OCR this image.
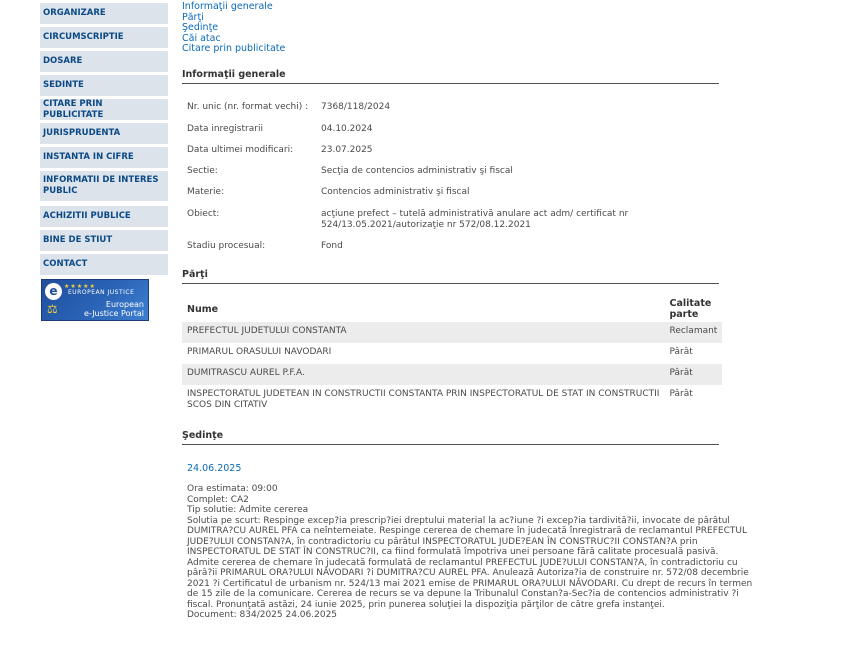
ORGANIZARE
CIRCUMSCRIPTIE
DOSARE
SEDINTE
CITARE PRIN PUBLICITATE
JURISPRUDENTA
INSTANTA IN CIFRE
INFORMATII DE INTERES
PUBLIC
ACHIZITII PUBLICE
BINE DE STIUT
CONTACT
e	★★★★★
EUROPEAN JUSTICE
⚖	European
e-Justice Portal
Informaţii generale
Părţi
Şedinţe
Căi atac
Citare prin publicitate
Informaţii generale
Nr. unic (nr. format vechi) : 7368/118/2024
Data inregistrarii	04.10.2024
Data ultimei modificari:	23.07.2025
Sectie:	Secţia de contencios administrativ şi fiscal
Materie:	Contencios administrativ şi fiscal
Obiect:	acţiune prefect – tutelă administrativă anulare act adm/ certificat nr
524/13.05.2021/autorizaţie nr 572/08.12.2021
Stadiu procesual:	Fond
Părţi
Nume	Calitate parte
PREFECTUL JUDETULUI CONSTANTA	Reclamant
PRIMARUL ORASULUI NAVODARI	Pârât
DUMITRASCU AUREL P.F.A.	Pârât

INSPECTORATUL JUDETEAN IN CONSTRUCTII CONSTANTA PRIN INSPECTORATUL DE STAT IN CONSTRUCTII
SCOS DIN CITATIV	Pârât
Şedinţe
24.06.2025
Ora estimata: 09:00
Complet: CA2
Tip solutie: Admite cererea
Solutia pe scurt: Respinge excep?ia prescrip?iei dreptului material la ac?iune ?i excep?ia tardivită?ii, invocate de pârâtul
DUMITRA?CU AUREL PFA ca neîntemeiate. Respinge cererea de chemare în judecată înregistrară de reclamantul PREFECTUL
JUDE?ULUI CONSTAN?A, în contradictoriu cu pârâtul INSPECTORATUL JUDE?EAN ÎN CONSTRUC?II CONSTAN?A prin
INSPECTORATUL DE STAT ÎN CONSTRUC?II, ca fiind formulată împotriva unei persoane fără calitate procesuală pasivă.
Admite cererea de chemare în judecată formulată de reclamantul PREFECTUL JUDE?ULUI CONSTAN?A, în contradictoriu cu
pârâ?ii PRIMARUL ORA?ULUI NĂVODARI ?i DUMITRA?CU AUREL PFA. Anulează Autoriza?ia de construire nr. 572/08 decembrie
2021 ?i Certificatul de urbanism nr. 524/13 mai 2021 emise de PRIMARUL ORA?ULUI NĂVODARI. Cu drept de recurs în termen
de 15 zile de la comunicare. Cererea de recurs se va depune la Tribunalul Constan?a-Sec?ia de contencios administrativ ?i
fiscal. Pronunţată astăzi, 24 iunie 2025, prin punerea soluţiei la dispoziţia părţilor de către grefa instanţei.
Document: 834/2025 24.06.2025
